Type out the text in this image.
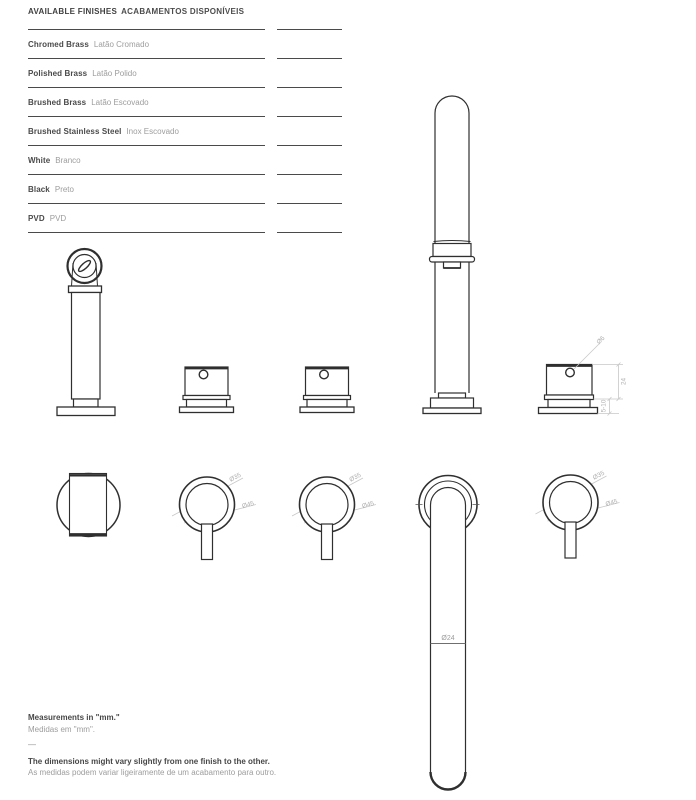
AVAILABLE FINISHES ACABAMENTOS DISPONÍVEIS
Chromed Brass Latão Cromado
Polished Brass Latão Polido
Brushed Brass Latão Escovado
Brushed Stainless Steel Inox Escovado
White Branco
Black Preto
PVD PVD
Ø6
24
5-10
Ø35
Ø45
Ø35
Ø45
Ø24
Ø35
Ø45
Measurements in "mm."
Medidas em "mm".
—
The dimensions might vary slightly from one finish to the other.
As medidas podem variar ligeiramente de um acabamento para outro.
